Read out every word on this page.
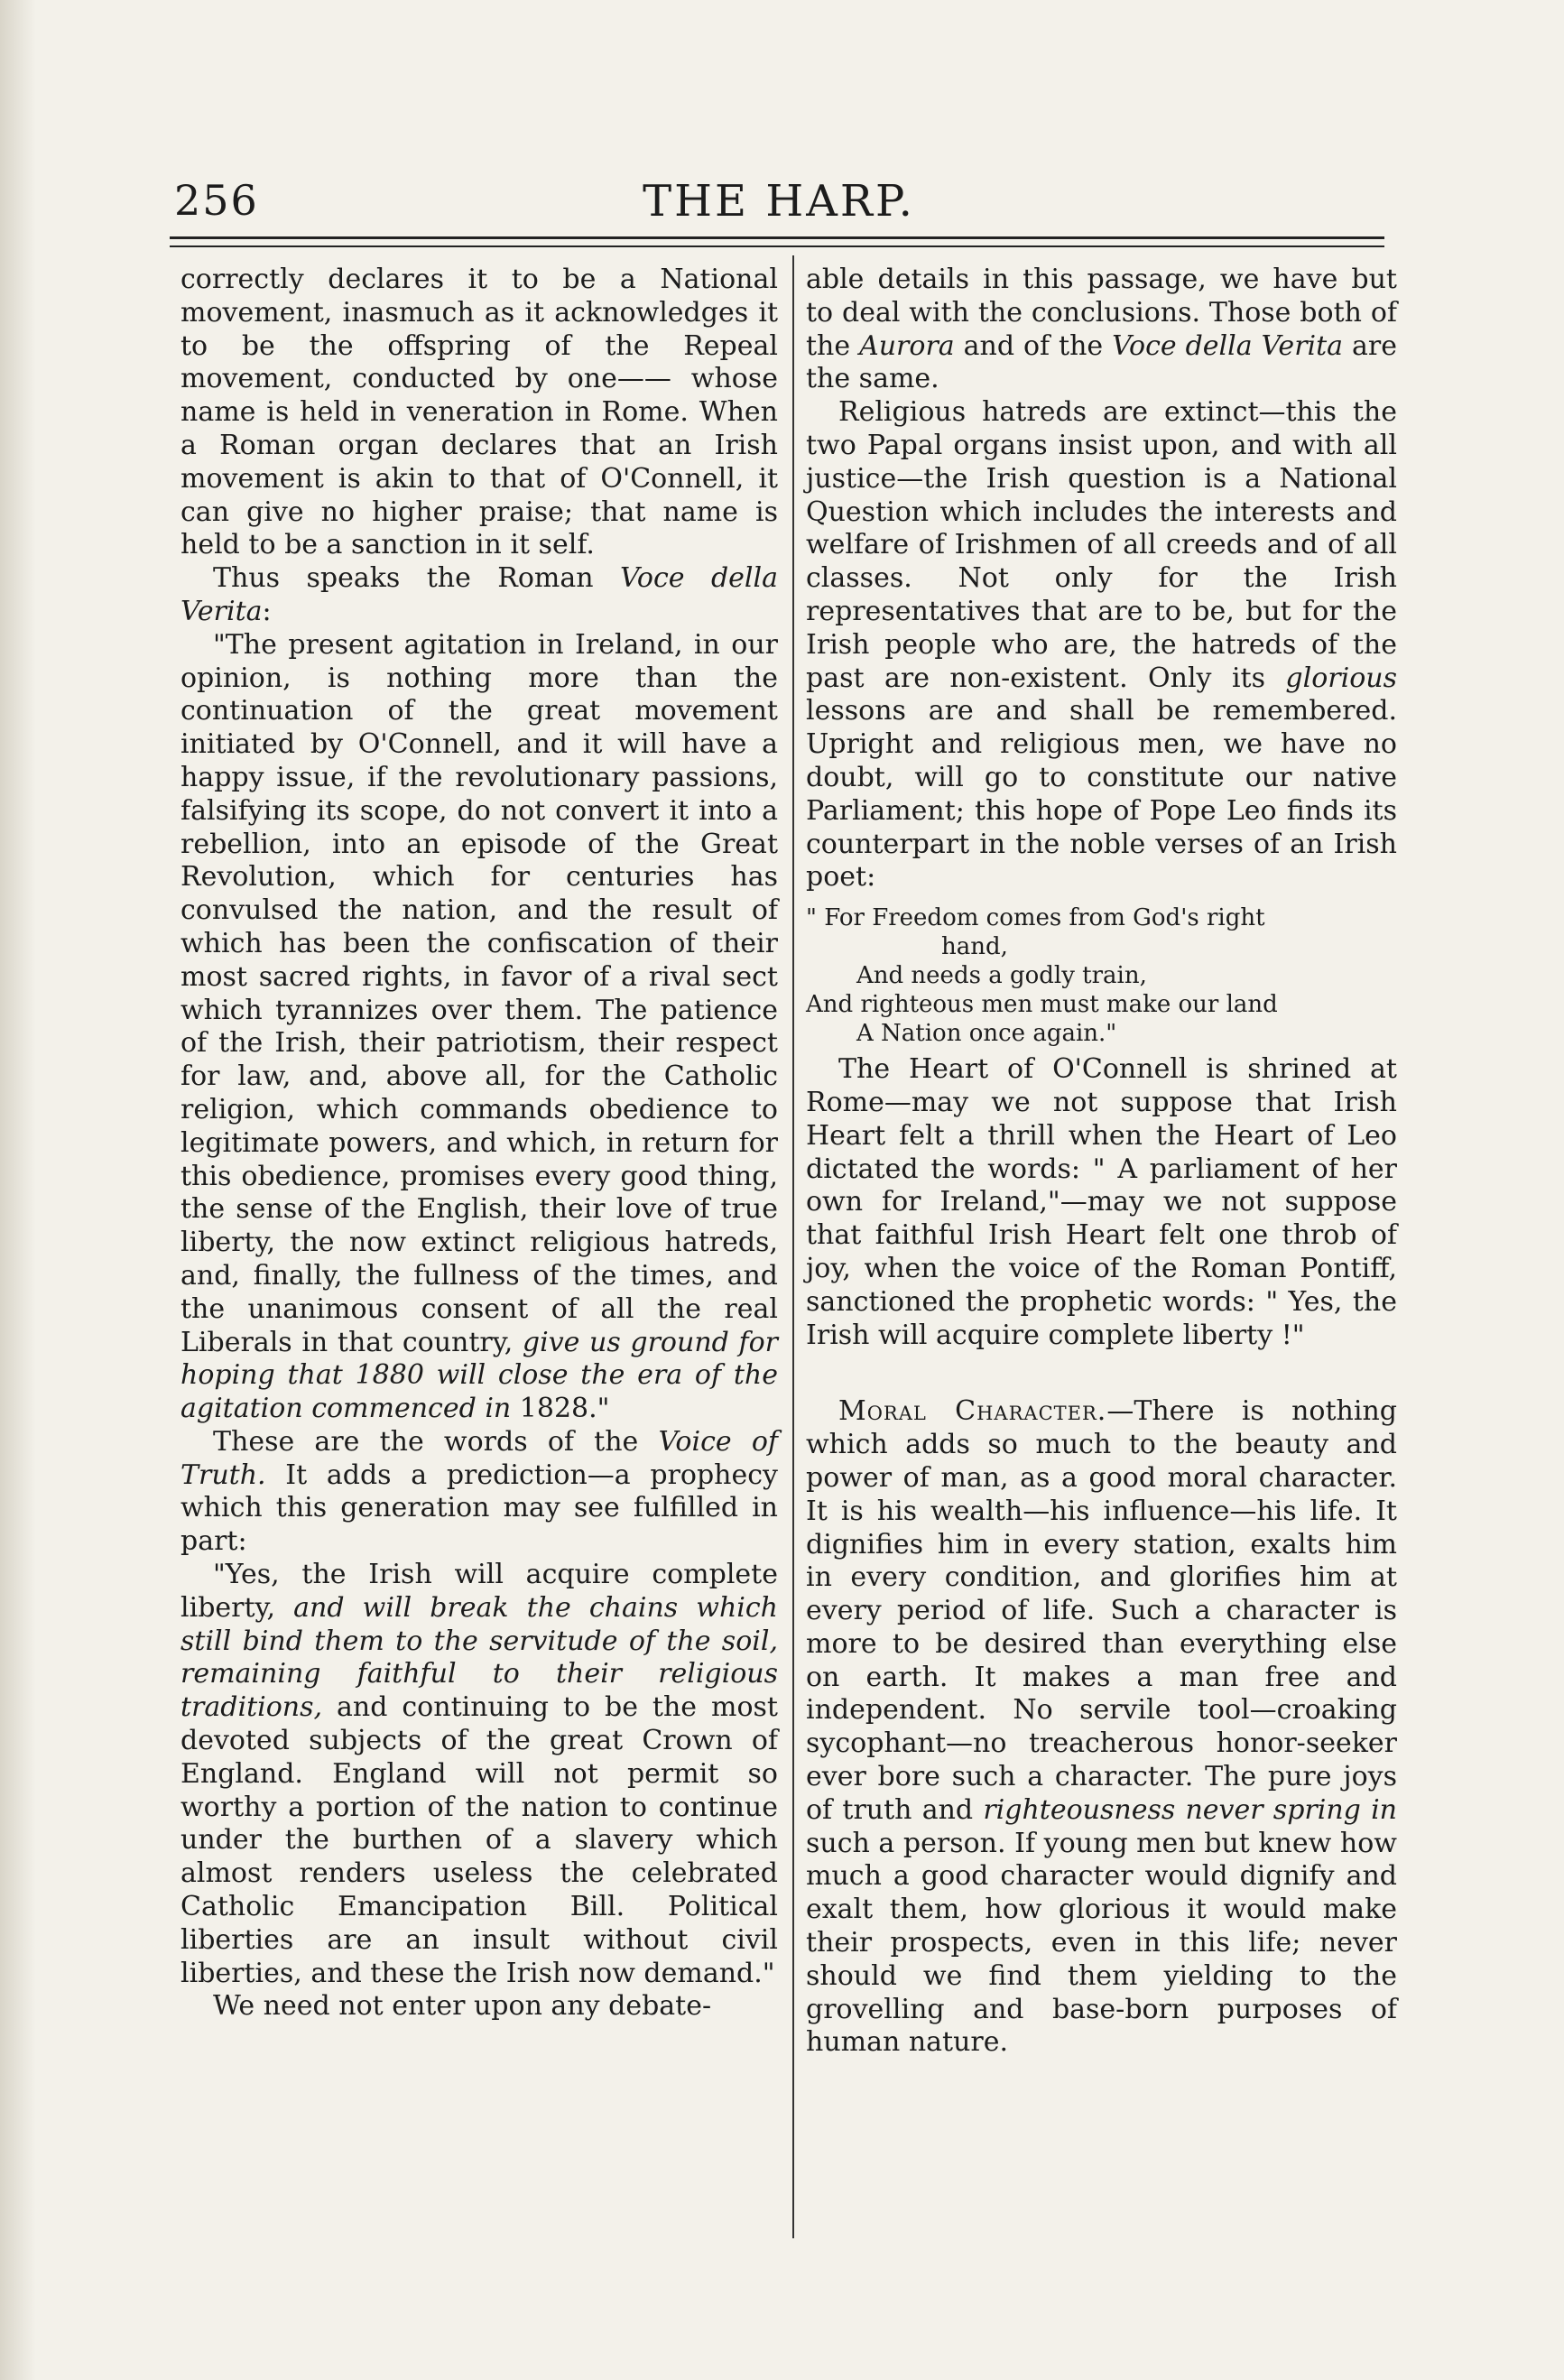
THE HARP.
256

correctly declares it to be a National movement, inasmuch as it acknowledges it to be the offspring of the Repeal movement, conducted by one—— whose name is held in veneration in Rome. When a Roman organ declares that an Irish movement is akin to that of O'Connell, it can give no higher praise; that name is held to be a sanction in it self.

Thus speaks the Roman Voce della Verita:

"The present agitation in Ireland, in our opinion, is nothing more than the continuation of the great movement initiated by O'Connell, and it will have a happy issue, if the revolutionary passions, falsifying its scope, do not convert it into a rebellion, into an episode of the Great Revolution, which for centuries has convulsed the nation, and the result of which has been the confiscation of their most sacred rights, in favor of a rival sect which tyrannizes over them. The patience of the Irish, their patriotism, their respect for law, and, above all, for the Catholic religion, which commands obedience to legitimate powers, and which, in return for this obedience, promises every good thing, the sense of the English, their love of true liberty, the now extinct religious hatreds, and, finally, the fullness of the times, and the unanimous consent of all the real Liberals in that country, give us ground for hoping that 1880 will close the era of the agitation commenced in 1828."

These are the words of the Voice of Truth. It adds a prediction—a prophecy which this generation may see fulfilled in part:

"Yes, the Irish will acquire complete liberty, and will break the chains which still bind them to the servitude of the soil, remaining faithful to their religious traditions, and continuing to be the most devoted subjects of the great Crown of England. England will not permit so worthy a portion of the nation to continue under the burthen of a slavery which almost renders useless the celebrated Catholic Emancipation Bill. Political liberties are an insult without civil liberties, and these the Irish now demand."

We need not enter upon any debate-

able details in this passage, we have but to deal with the conclusions. Those both of the Aurora and of the Voce della Verita are the same.

Religious hatreds are extinct—this the two Papal organs insist upon, and with all justice—the Irish question is a National Question which includes the interests and welfare of Irishmen of all creeds and of all classes. Not only for the Irish representatives that are to be, but for the Irish people who are, the hatreds of the past are non-existent. Only its glorious lessons are and shall be remembered. Upright and religious men, we have no doubt, will go to constitute our native Parliament; this hope of Pope Leo finds its counterpart in the noble verses of an Irish poet:

" For Freedom comes from God's right
hand,
And needs a godly train,
And righteous men must make our land
A Nation once again."

The Heart of O'Connell is shrined at Rome—may we not suppose that Irish Heart felt a thrill when the Heart of Leo dictated the words: " A parliament of her own for Ireland,"—may we not suppose that faithful Irish Heart felt one throb of joy, when the voice of the Roman Pontiff, sanctioned the prophetic words: " Yes, the Irish will acquire complete liberty !"

Moral Character.—There is nothing which adds so much to the beauty and power of man, as a good moral character. It is his wealth—his influence—his life. It dignifies him in every station, exalts him in every condition, and glorifies him at every period of life. Such a character is more to be desired than everything else on earth. It makes a man free and independent. No servile tool—croaking sycophant—no treacherous honor-seeker ever bore such a character. The pure joys of truth and righteousness never spring in such a person. If young men but knew how much a good character would dignify and exalt them, how glorious it would make their prospects, even in this life; never should we find them yielding to the grovelling and base-born purposes of human nature.
